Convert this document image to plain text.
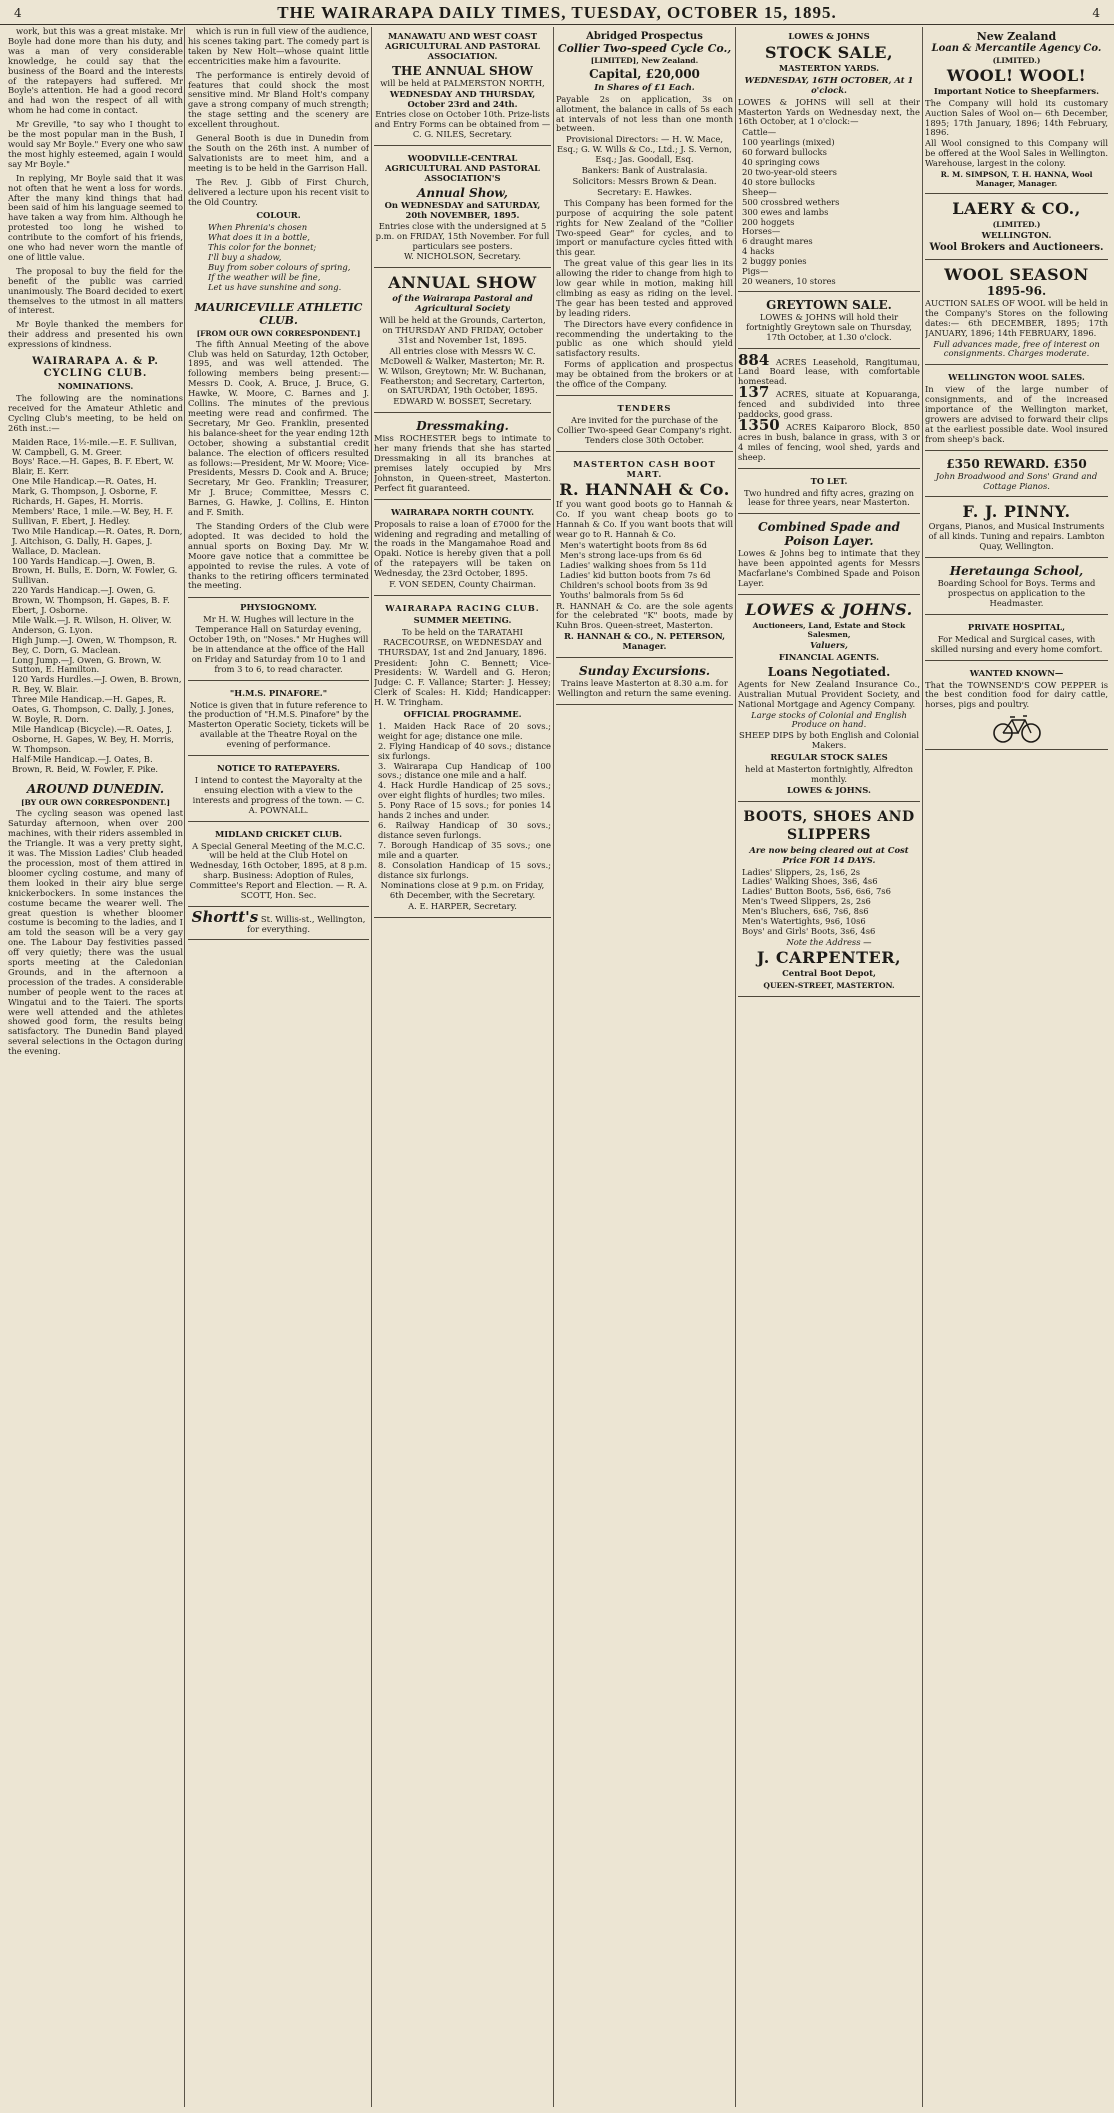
4	THE WAIRARAPA DAILY TIMES, TUESDAY, OCTOBER 15, 1895.	4

work, but this was a great mistake. Mr Boyle had done more than his duty, and was a man of very considerable knowledge, he could say that the business of the Board and the interests of the ratepayers had suffered. Mr Boyle's attention. He had a good record and had won the respect of all with whom he had come in contact.

Mr Greville, "to say who I thought to be the most popular man in the Bush, I would say Mr Boyle." Every one who saw the most highly esteemed, again I would say Mr Boyle."

In replying, Mr Boyle said that it was not often that he went a loss for words. After the many kind things that had been said of him his language seemed to have taken a way from him. Although he protested too long he wished to contribute to the comfort of his friends, one who had never worn the mantle of one of little value.

The proposal to buy the field for the benefit of the public was carried unanimously. The Board decided to exert themselves to the utmost in all matters of interest.

Mr Boyle thanked the members for their address and presented his own expressions of kindness.

WAIRARAPA A. & P. CYCLING CLUB.
NOMINATIONS.

The following are the nominations received for the Amateur Athletic and Cycling Club's meeting, to be held on 26th inst.:—

Maiden Race, 1½-mile.—E. F. Sullivan, W. Campbell, G. M. Greer.
Boys' Race.—H. Gapes, B. F. Ebert, W. Blair, E. Kerr.
One Mile Handicap.—R. Oates, H. Mark, G. Thompson, J. Osborne, F. Richards, H. Gapes, H. Morris.
Members' Race, 1 mile.—W. Bey, H. F. Sullivan, F. Ebert, J. Hedley.
Two Mile Handicap.—R. Oates, R. Dorn, J. Aitchison, G. Dally, H. Gapes, J. Wallace, D. Maclean.
100 Yards Handicap.—J. Owen, B. Brown, H. Bulls, E. Dorn, W. Fowler, G. Sullivan.
220 Yards Handicap.—J. Owen, G. Brown, W. Thompson, H. Gapes, B. F. Ebert, J. Osborne.
Mile Walk.—J. R. Wilson, H. Oliver, W. Anderson, G. Lyon.
High Jump.—J. Owen, W. Thompson, R. Bey, C. Dorn, G. Maclean.
Long Jump.—J. Owen, G. Brown, W. Sutton, E. Hamilton.
120 Yards Hurdles.—J. Owen, B. Brown, R. Bey, W. Blair.
Three Mile Handicap.—H. Gapes, R. Oates, G. Thompson, C. Dally, J. Jones, W. Boyle, R. Dorn.
Mile Handicap (Bicycle).—R. Oates, J. Osborne, H. Gapes, W. Bey, H. Morris, W. Thompson.
Half-Mile Handicap.—J. Oates, B. Brown, R. Beid, W. Fowler, F. Pike.
AROUND DUNEDIN.
[BY OUR OWN CORRESPONDENT.]

The cycling season was opened last Saturday afternoon, when over 200 machines, with their riders assembled in the Triangle. It was a very pretty sight, it was. The Mission Ladies' Club headed the procession, most of them attired in bloomer cycling costume, and many of them looked in their airy blue serge knickerbockers. In some instances the costume became the wearer well. The great question is whether bloomer costume is becoming to the ladies, and I am told the season will be a very gay one. The Labour Day festivities passed off very quietly; there was the usual sports meeting at the Caledonian Grounds, and in the afternoon a procession of the trades. A considerable number of people went to the races at Wingatui and to the Taieri. The sports were well attended and the athletes showed good form, the results being satisfactory. The Dunedin Band played several selections in the Octagon during the evening.

which is run in full view of the audience, his scenes taking part. The comedy part is taken by New Holt—whose quaint little eccentricities make him a favourite.

The performance is entirely devoid of features that could shock the most sensitive mind. Mr Bland Holt's company gave a strong company of much strength; the stage setting and the scenery are excellent throughout.

General Booth is due in Dunedin from the South on the 26th inst. A number of Salvationists are to meet him, and a meeting is to be held in the Garrison Hall.

The Rev. J. Gibb of First Church, delivered a lecture upon his recent visit to the Old Country.

COLOUR.
When Phrenia's chosen
What does it in a bottle,
This color for the bonnet;
I'll buy a shadow,
Buy from sober colours of spring,
If the weather will be fine,
Let us have sunshine and song.
MAURICEVILLE ATHLETIC CLUB.
[FROM OUR OWN CORRESPONDENT.]

The fifth Annual Meeting of the above Club was held on Saturday, 12th October, 1895, and was well attended. The following members being present:—Messrs D. Cook, A. Bruce, J. Bruce, G. Hawke, W. Moore, C. Barnes and J. Collins. The minutes of the previous meeting were read and confirmed. The Secretary, Mr Geo. Franklin, presented his balance-sheet for the year ending 12th October, showing a substantial credit balance. The election of officers resulted as follows:—President, Mr W. Moore; Vice-Presidents, Messrs D. Cook and A. Bruce; Secretary, Mr Geo. Franklin; Treasurer, Mr J. Bruce; Committee, Messrs C. Barnes, G. Hawke, J. Collins, E. Hinton and F. Smith.

The Standing Orders of the Club were adopted. It was decided to hold the annual sports on Boxing Day. Mr W. Moore gave notice that a committee be appointed to revise the rules. A vote of thanks to the retiring officers terminated the meeting.

PHYSIOGNOMY.

Mr H. W. Hughes will lecture in the Temperance Hall on Saturday evening, October 19th, on "Noses." Mr Hughes will be in attendance at the office of the Hall on Friday and Saturday from 10 to 1 and from 3 to 6, to read character.

"H.M.S. PINAFORE."

Notice is given that in future reference to the production of "H.M.S. Pinafore" by the Masterton Operatic Society, tickets will be available at the Theatre Royal on the evening of performance.

NOTICE TO RATEPAYERS.

I intend to contest the Mayoralty at the ensuing election with a view to the interests and progress of the town. — C. A. POWNALL.

MIDLAND CRICKET CLUB.

A Special General Meeting of the M.C.C. will be held at the Club Hotel on Wednesday, 16th October, 1895, at 8 p.m. sharp. Business: Adoption of Rules, Committee's Report and Election. — R. A. SCOTT, Hon. Sec.

Shortt's St. Willis-st., Wellington, for everything.
MANAWATU AND WEST COAST AGRICULTURAL AND PASTORAL ASSOCIATION.
THE ANNUAL SHOW

will be held at PALMERSTON NORTH,

WEDNESDAY AND THURSDAY, October 23rd and 24th.

Entries close on October 10th. Prize-lists and Entry Forms can be obtained from — C. G. NILES, Secretary.

WOODVILLE-CENTRAL AGRICULTURAL AND PASTORAL ASSOCIATION'S
Annual Show,

On WEDNESDAY and SATURDAY, 20th NOVEMBER, 1895.

Entries close with the undersigned at 5 p.m. on FRIDAY, 15th November. For full particulars see posters.

W. NICHOLSON, Secretary.

ANNUAL SHOW
of the Wairarapa Pastoral and Agricultural Society

Will be held at the Grounds, Carterton, on THURSDAY AND FRIDAY, October 31st and November 1st, 1895.

All entries close with Messrs W. C. McDowell & Walker, Masterton; Mr. R. W. Wilson, Greytown; Mr. W. Buchanan, Featherston; and Secretary, Carterton, on SATURDAY, 19th October, 1895.

EDWARD W. BOSSET, Secretary.

Dressmaking.

Miss ROCHESTER begs to intimate to her many friends that she has started Dressmaking in all its branches at premises lately occupied by Mrs Johnston, in Queen-street, Masterton. Perfect fit guaranteed.

WAIRARAPA NORTH COUNTY.

Proposals to raise a loan of £7000 for the widening and regrading and metalling of the roads in the Mangamahoe Road and Opaki. Notice is hereby given that a poll of the ratepayers will be taken on Wednesday, the 23rd October, 1895.

F. VON SEDEN, County Chairman.

WAIRARAPA RACING CLUB.
SUMMER MEETING.

To be held on the TARATAHI RACECOURSE, on WEDNESDAY and THURSDAY, 1st and 2nd January, 1896.

President: John C. Bennett; Vice-Presidents: W. Wardell and G. Heron; Judge: C. F. Vallance; Starter: J. Hessey; Clerk of Scales: H. Kidd; Handicapper: H. W. Tringham.

OFFICIAL PROGRAMME.
1. Maiden Hack Race of 20 sovs.; weight for age; distance one mile.
2. Flying Handicap of 40 sovs.; distance six furlongs.
3. Wairarapa Cup Handicap of 100 sovs.; distance one mile and a half.
4. Hack Hurdle Handicap of 25 sovs.; over eight flights of hurdles; two miles.
5. Pony Race of 15 sovs.; for ponies 14 hands 2 inches and under.
6. Railway Handicap of 30 sovs.; distance seven furlongs.
7. Borough Handicap of 35 sovs.; one mile and a quarter.
8. Consolation Handicap of 15 sovs.; distance six furlongs.

Nominations close at 9 p.m. on Friday, 6th December, with the Secretary.

A. E. HARPER, Secretary.

Abridged Prospectus
Collier Two-speed Cycle Co.,
[LIMITED], New Zealand.
Capital, £20,000
In Shares of £1 Each.

Payable 2s on application, 3s on allotment, the balance in calls of 5s each at intervals of not less than one month between.

Provisional Directors: — H. W. Mace, Esq.; G. W. Wills & Co., Ltd.; J. S. Vernon, Esq.; Jas. Goodall, Esq.

Bankers: Bank of Australasia.

Solicitors: Messrs Brown & Dean.

Secretary: E. Hawkes.

This Company has been formed for the purpose of acquiring the sole patent rights for New Zealand of the "Collier Two-speed Gear" for cycles, and to import or manufacture cycles fitted with this gear.

The great value of this gear lies in its allowing the rider to change from high to low gear while in motion, making hill climbing as easy as riding on the level. The gear has been tested and approved by leading riders.

The Directors have every confidence in recommending the undertaking to the public as one which should yield satisfactory results.

Forms of application and prospectus may be obtained from the brokers or at the office of the Company.

TENDERS

Are invited for the purchase of the Collier Two-speed Gear Company's right. Tenders close 30th October.

MASTERTON CASH BOOT MART.
R. HANNAH & Co.

If you want good boots go to Hannah & Co. If you want cheap boots go to Hannah & Co. If you want boots that will wear go to R. Hannah & Co.

Men's watertight boots from 8s 6d
Men's strong lace-ups from 6s 6d
Ladies' walking shoes from 5s 11d
Ladies' kid button boots from 7s 6d
Children's school boots from 3s 9d
Youths' balmorals from 5s 6d

R. HANNAH & Co. are the sole agents for the celebrated "K" boots, made by Kuhn Bros. Queen-street, Masterton.

R. HANNAH & CO., N. PETERSON, Manager.

Sunday Excursions.

Trains leave Masterton at 8.30 a.m. for Wellington and return the same evening.

LOWES & JOHNS
STOCK SALE,
MASTERTON YARDS.
WEDNESDAY, 16TH OCTOBER, At 1 o'clock.

LOWES & JOHNS will sell at their Masterton Yards on Wednesday next, the 16th October, at 1 o'clock:—

Cattle—
100 yearlings (mixed)
60 forward bullocks
40 springing cows
20 two-year-old steers
40 store bullocks
Sheep—
500 crossbred wethers
300 ewes and lambs
200 hoggets
Horses—
6 draught mares
4 hacks
2 buggy ponies
Pigs—
20 weaners, 10 stores
GREYTOWN SALE.

LOWES & JOHNS will hold their fortnightly Greytown sale on Thursday, 17th October, at 1.30 o'clock.

884 ACRES Leasehold, Rangitumau, Land Board lease, with comfortable homestead.

137 ACRES, situate at Kopuaranga, fenced and subdivided into three paddocks, good grass.

1350 ACRES Kaiparoro Block, 850 acres in bush, balance in grass, with 3 or 4 miles of fencing, wool shed, yards and sheep.

TO LET.

Two hundred and fifty acres, grazing on lease for three years, near Masterton.

Combined Spade and Poison Layer.

Lowes & Johns beg to intimate that they have been appointed agents for Messrs Macfarlane's Combined Spade and Poison Layer.

LOWES & JOHNS.
Auctioneers, Land, Estate and Stock Salesmen,
Valuers,
FINANCIAL AGENTS.
Loans Negotiated.

Agents for New Zealand Insurance Co., Australian Mutual Provident Society, and National Mortgage and Agency Company.

Large stocks of Colonial and English Produce on hand.

SHEEP DIPS by both English and Colonial Makers.

REGULAR STOCK SALES

held at Masterton fortnightly, Alfredton monthly.

LOWES & JOHNS.

BOOTS, SHOES AND SLIPPERS
Are now being cleared out at Cost Price FOR 14 DAYS.
Ladies' Slippers, 2s, 1s6, 2s
Ladies' Walking Shoes, 3s6, 4s6
Ladies' Button Boots, 5s6, 6s6, 7s6
Men's Tweed Slippers, 2s, 2s6
Men's Bluchers, 6s6, 7s6, 8s6
Men's Watertights, 9s6, 10s6
Boys' and Girls' Boots, 3s6, 4s6

Note the Address —

J. CARPENTER,
Central Boot Depot,
QUEEN-STREET, MASTERTON.
New Zealand
Loan & Mercantile Agency Co.
(LIMITED.)
WOOL! WOOL!
Important Notice to Sheepfarmers.

The Company will hold its customary Auction Sales of Wool on— 6th December, 1895; 17th January, 1896; 14th February, 1896.

All Wool consigned to this Company will be offered at the Wool Sales in Wellington. Warehouse, largest in the colony.

R. M. SIMPSON, T. H. HANNA, Wool Manager, Manager.

LAERY & CO.,
(LIMITED.)
WELLINGTON.
Wool Brokers and Auctioneers.
WOOL SEASON
1895-96.

AUCTION SALES OF WOOL will be held in the Company's Stores on the following dates:— 6th DECEMBER, 1895; 17th JANUARY, 1896; 14th FEBRUARY, 1896.

Full advances made, free of interest on consignments. Charges moderate.

WELLINGTON WOOL SALES.

In view of the large number of consignments, and of the increased importance of the Wellington market, growers are advised to forward their clips at the earliest possible date. Wool insured from sheep's back.

£350 REWARD. £350

John Broadwood and Sons' Grand and Cottage Pianos.

F. J. PINNY.

Organs, Pianos, and Musical Instruments of all kinds. Tuning and repairs. Lambton Quay, Wellington.

Heretaunga School,

Boarding School for Boys. Terms and prospectus on application to the Headmaster.

PRIVATE HOSPITAL,

For Medical and Surgical cases, with skilled nursing and every home comfort.

WANTED KNOWN—

That the TOWNSEND'S COW PEPPER is the best condition food for dairy cattle, horses, pigs and poultry.
